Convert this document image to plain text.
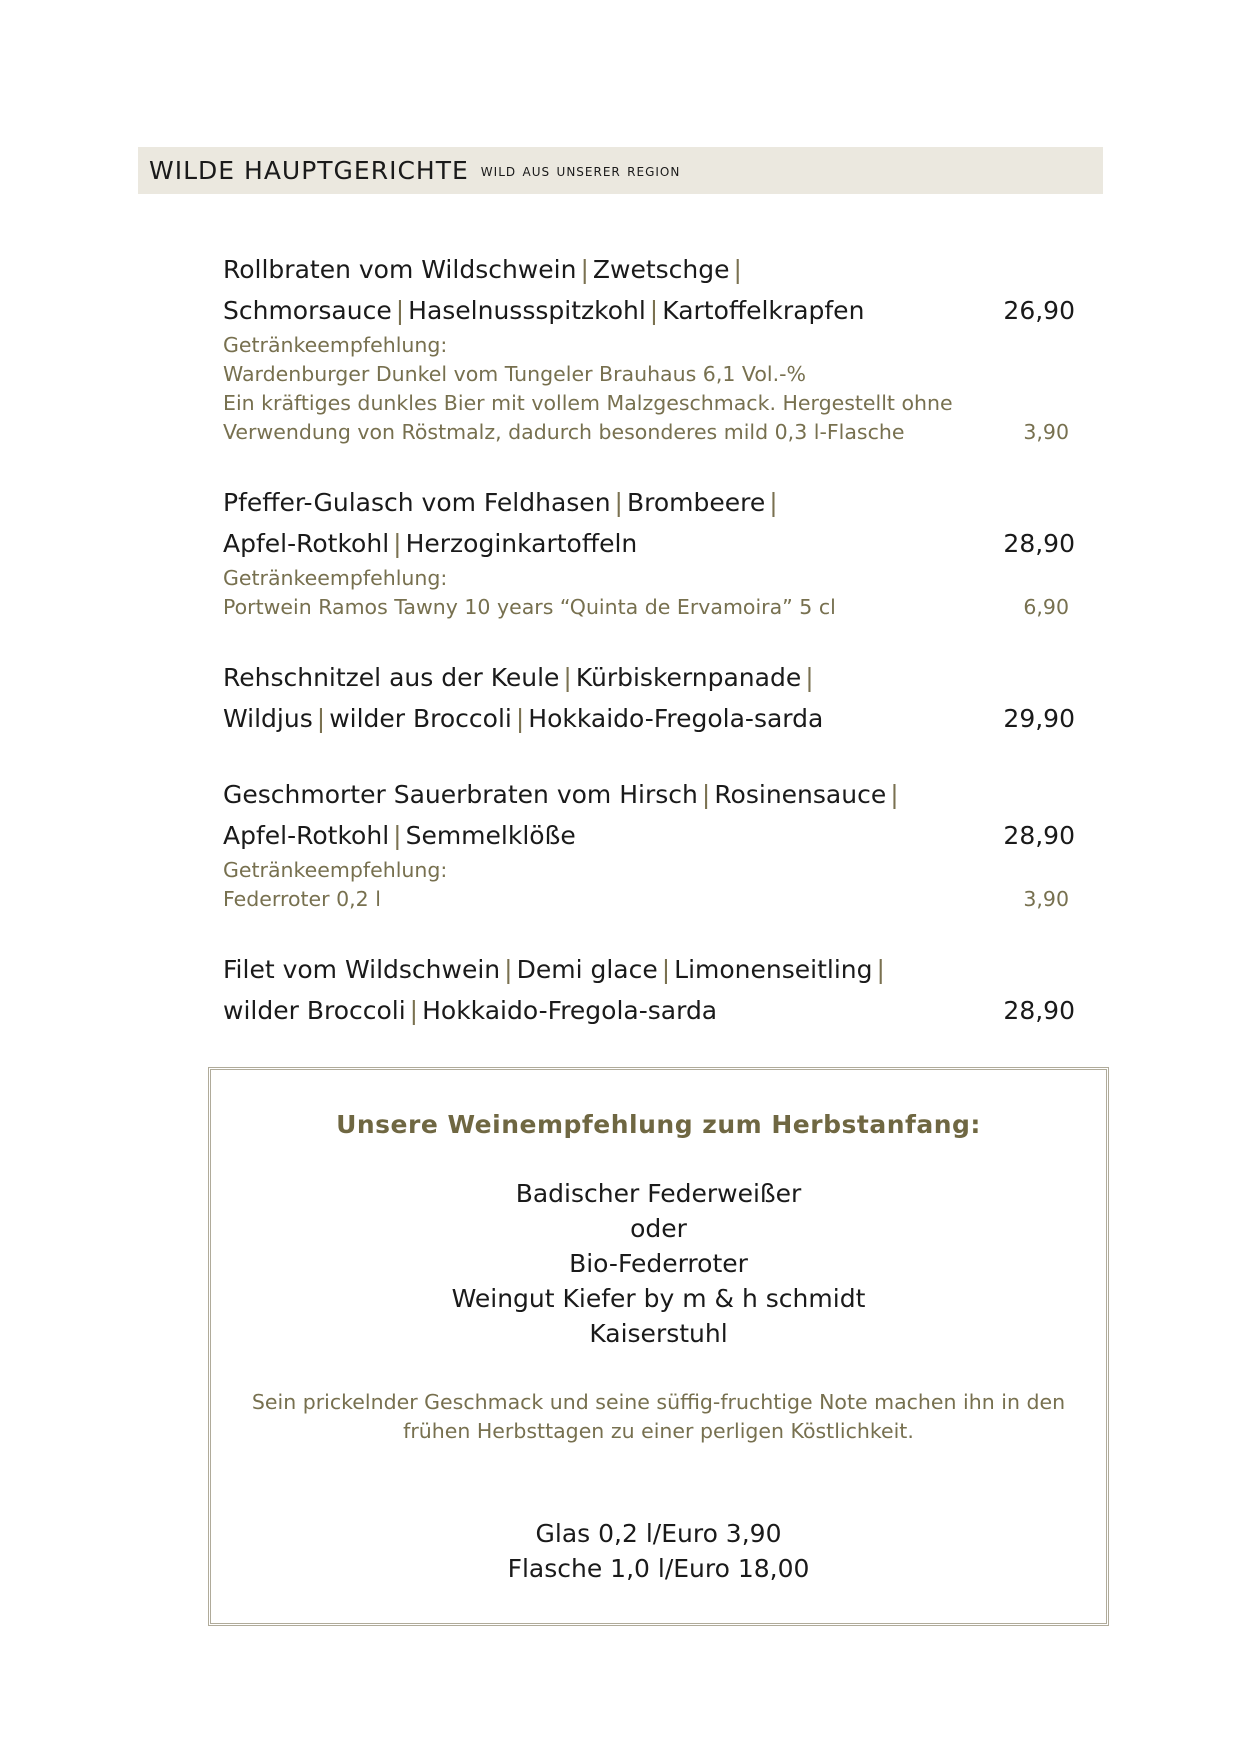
WILDE HAUPTGERICHTE wild aus unserer region
Rollbraten vom Wildschwein | Zwetschge |
Schmorsauce | Haselnussspitzkohl | Kartoffelkrapfen	26,90
Getränkeempfehlung:
Wardenburger Dunkel vom Tungeler Brauhaus 6,1 Vol.-%
Ein kräftiges dunkles Bier mit vollem Malzgeschmack. Hergestellt ohne
Verwendung von Röstmalz, dadurch besonderes mild 0,3 l-Flasche	3,90
Pfeffer-Gulasch vom Feldhasen | Brombeere |
Apfel-Rotkohl | Herzoginkartoffeln	28,90
Getränkeempfehlung:
Portwein Ramos Tawny 10 years “Quinta de Ervamoira” 5 cl	6,90
Rehschnitzel aus der Keule | Kürbiskernpanade |
Wildjus | wilder Broccoli | Hokkaido-Fregola-sarda	29,90
Geschmorter Sauerbraten vom Hirsch | Rosinensauce |
Apfel-Rotkohl | Semmelklöße	28,90
Getränkeempfehlung:
Federroter 0,2 l	3,90
Filet vom Wildschwein | Demi glace | Limonenseitling |
wilder Broccoli | Hokkaido-Fregola-sarda	28,90
Unsere Weinempfehlung zum Herbstanfang:
Badischer Federweißer
oder
Bio-Federroter
Weingut Kiefer by m & h schmidt
Kaiserstuhl
Sein prickelnder Geschmack und seine süffig-fruchtige Note machen ihn in den
frühen Herbsttagen zu einer perligen Köstlichkeit.
Glas 0,2 l/Euro 3,90
Flasche 1,0 l/Euro 18,00
